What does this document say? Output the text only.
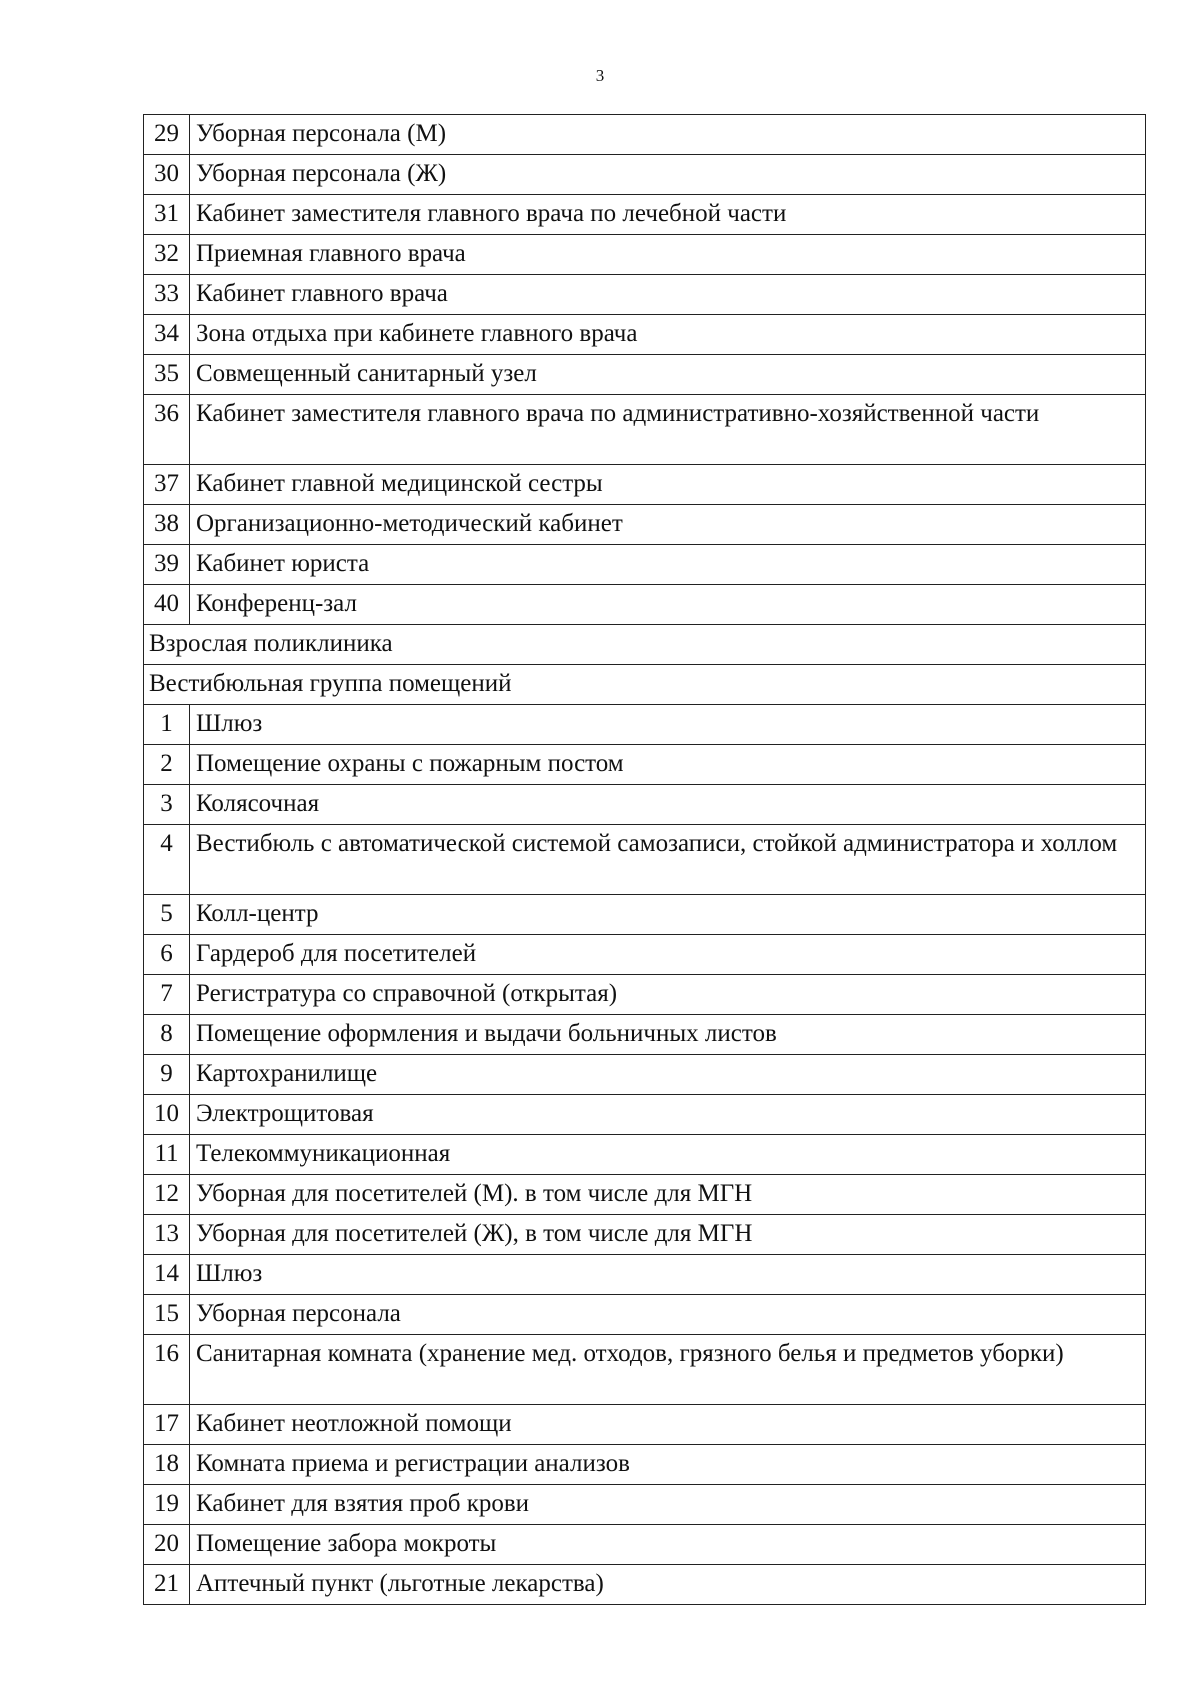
3
29	Уборная персонала (М)
30	Уборная персонала (Ж)
31	Кабинет заместителя главного врача по лечебной части
32	Приемная главного врача
33	Кабинет главного врача
34	Зона отдыха при кабинете главного врача
35	Совмещенный санитарный узел
36	Кабинет заместителя главного врача по административно-хозяйственной части
37	Кабинет главной медицинской сестры
38	Организационно-методический кабинет
39	Кабинет юриста
40	Конференц-зал
Взрослая поликлиника	
Вестибюльная группа помещений	
1	Шлюз
2	Помещение охраны с пожарным постом
3	Колясочная
4	Вестибюль с автоматической системой самозаписи, стойкой администратора и холлом
5	Колл-центр
6	Гардероб для посетителей
7	Регистратура со справочной (открытая)
8	Помещение оформления и выдачи больничных листов
9	Картохранилище
10	Электрощитовая
11	Телекоммуникационная
12	Уборная для посетителей (М). в том числе для МГН
13	Уборная для посетителей (Ж), в том числе для МГН
14	Шлюз
15	Уборная персонала
16	Санитарная комната (хранение мед. отходов, грязного белья и предметов уборки)
17	Кабинет неотложной помощи
18	Комната приема и регистрации анализов
19	Кабинет для взятия проб крови
20	Помещение забора мокроты
21	Аптечный пункт (льготные лекарства)
